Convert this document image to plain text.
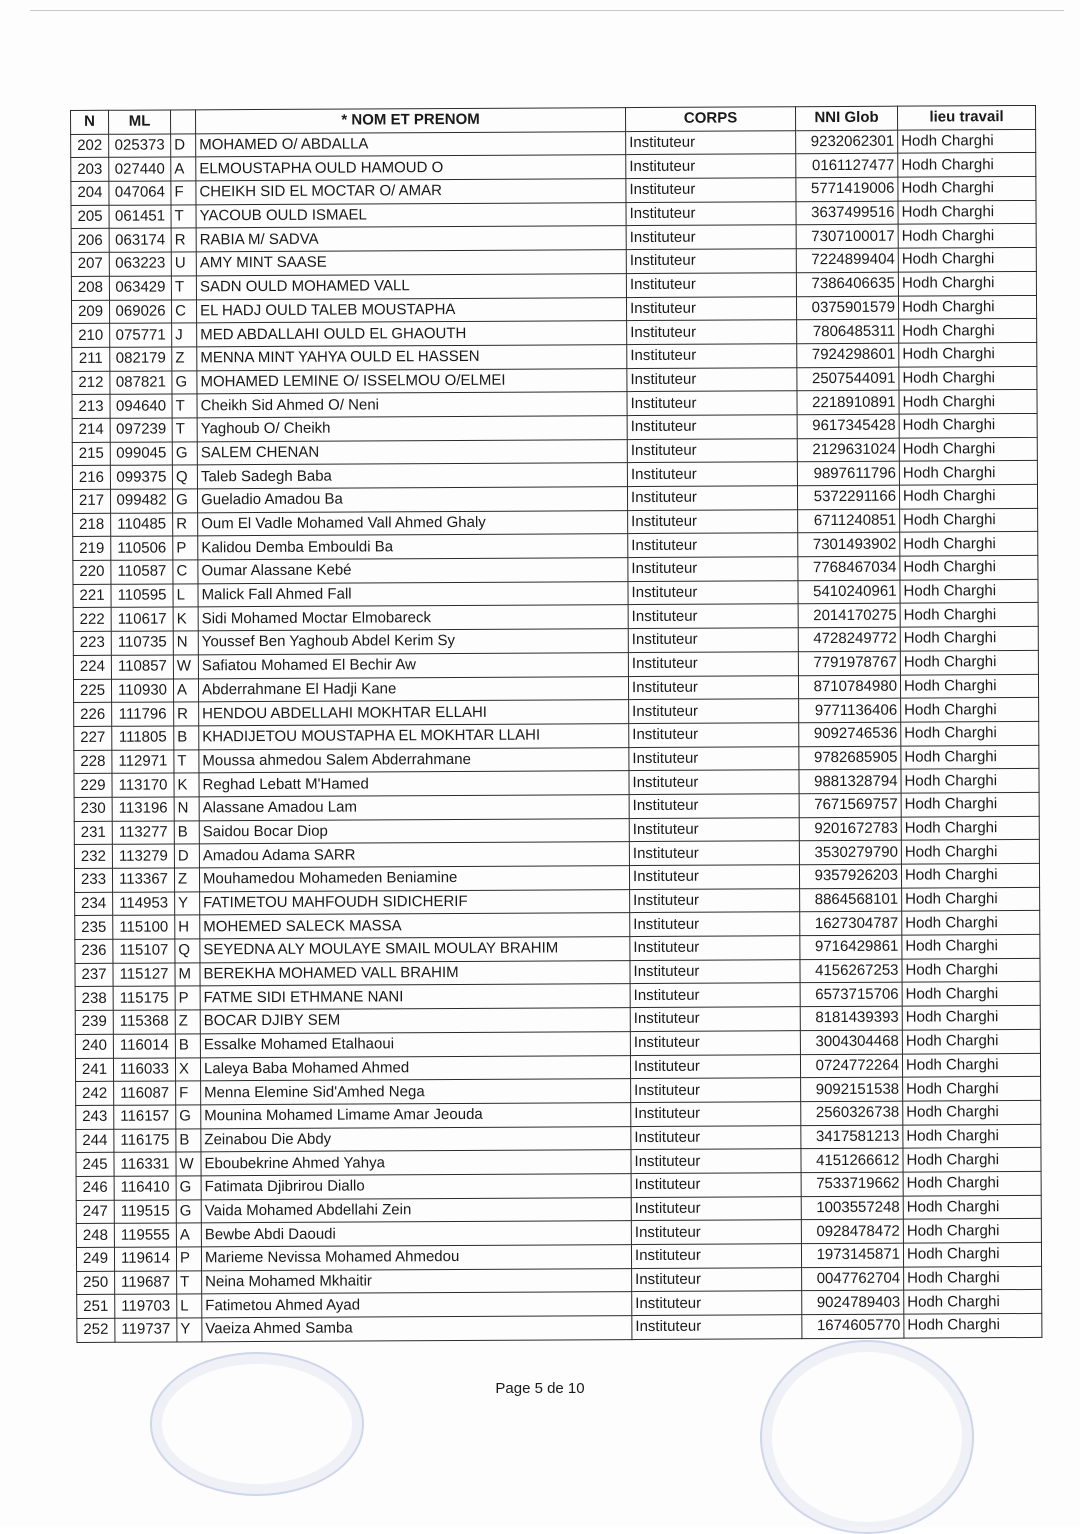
N	ML		* NOM ET PRENOM	CORPS	NNI Glob	lieu travail
202	025373	D	MOHAMED O/ ABDALLA	Instituteur	9232062301	Hodh Charghi
203	027440	A	ELMOUSTAPHA OULD HAMOUD O	Instituteur	0161127477	Hodh Charghi
204	047064	F	CHEIKH SID EL MOCTAR O/ AMAR	Instituteur	5771419006	Hodh Charghi
205	061451	T	YACOUB OULD ISMAEL	Instituteur	3637499516	Hodh Charghi
206	063174	R	RABIA M/ SADVA	Instituteur	7307100017	Hodh Charghi
207	063223	U	AMY MINT SAASE	Instituteur	7224899404	Hodh Charghi
208	063429	T	SADN OULD MOHAMED VALL	Instituteur	7386406635	Hodh Charghi
209	069026	C	EL HADJ OULD TALEB MOUSTAPHA	Instituteur	0375901579	Hodh Charghi
210	075771	J	MED ABDALLAHI OULD EL GHAOUTH	Instituteur	7806485311	Hodh Charghi
211	082179	Z	MENNA MINT YAHYA OULD EL HASSEN	Instituteur	7924298601	Hodh Charghi
212	087821	G	MOHAMED LEMINE O/ ISSELMOU O/ELMEI	Instituteur	2507544091	Hodh Charghi
213	094640	T	Cheikh Sid Ahmed O/ Neni	Instituteur	2218910891	Hodh Charghi
214	097239	T	Yaghoub O/ Cheikh	Instituteur	9617345428	Hodh Charghi
215	099045	G	SALEM CHENAN	Instituteur	2129631024	Hodh Charghi
216	099375	Q	Taleb Sadegh Baba	Instituteur	9897611796	Hodh Charghi
217	099482	G	Gueladio Amadou Ba	Instituteur	5372291166	Hodh Charghi
218	110485	R	Oum El Vadle Mohamed Vall Ahmed Ghaly	Instituteur	6711240851	Hodh Charghi
219	110506	P	Kalidou Demba Embouldi Ba	Instituteur	7301493902	Hodh Charghi
220	110587	C	Oumar Alassane Kebé	Instituteur	7768467034	Hodh Charghi
221	110595	L	Malick Fall Ahmed Fall	Instituteur	5410240961	Hodh Charghi
222	110617	K	Sidi Mohamed Moctar Elmobareck	Instituteur	2014170275	Hodh Charghi
223	110735	N	Youssef Ben Yaghoub Abdel Kerim Sy	Instituteur	4728249772	Hodh Charghi
224	110857	W	Safiatou Mohamed El Bechir Aw	Instituteur	7791978767	Hodh Charghi
225	110930	A	Abderrahmane El Hadji Kane	Instituteur	8710784980	Hodh Charghi
226	111796	R	HENDOU ABDELLAHI MOKHTAR ELLAHI	Instituteur	9771136406	Hodh Charghi
227	111805	B	KHADIJETOU MOUSTAPHA EL MOKHTAR LLAHI	Instituteur	9092746536	Hodh Charghi
228	112971	T	Moussa ahmedou Salem Abderrahmane	Instituteur	9782685905	Hodh Charghi
229	113170	K	Reghad Lebatt M'Hamed	Instituteur	9881328794	Hodh Charghi
230	113196	N	Alassane Amadou Lam	Instituteur	7671569757	Hodh Charghi
231	113277	B	Saidou Bocar Diop	Instituteur	9201672783	Hodh Charghi
232	113279	D	Amadou Adama SARR	Instituteur	3530279790	Hodh Charghi
233	113367	Z	Mouhamedou Mohameden Beniamine	Instituteur	9357926203	Hodh Charghi
234	114953	Y	FATIMETOU MAHFOUDH SIDICHERIF	Instituteur	8864568101	Hodh Charghi
235	115100	H	MOHEMED SALECK MASSA	Instituteur	1627304787	Hodh Charghi
236	115107	Q	SEYEDNA ALY MOULAYE SMAIL MOULAY BRAHIM	Instituteur	9716429861	Hodh Charghi
237	115127	M	BEREKHA MOHAMED VALL BRAHIM	Instituteur	4156267253	Hodh Charghi
238	115175	P	FATME SIDI ETHMANE NANI	Instituteur	6573715706	Hodh Charghi
239	115368	Z	BOCAR DJIBY SEM	Instituteur	8181439393	Hodh Charghi
240	116014	B	Essalke Mohamed Etalhaoui	Instituteur	3004304468	Hodh Charghi
241	116033	X	Laleya Baba Mohamed Ahmed	Instituteur	0724772264	Hodh Charghi
242	116087	F	Menna Elemine Sid'Amhed Nega	Instituteur	9092151538	Hodh Charghi
243	116157	G	Mounina Mohamed Limame Amar Jeouda	Instituteur	2560326738	Hodh Charghi
244	116175	B	Zeinabou Die Abdy	Instituteur	3417581213	Hodh Charghi
245	116331	W	Eboubekrine Ahmed Yahya	Instituteur	4151266612	Hodh Charghi
246	116410	G	Fatimata Djibrirou Diallo	Instituteur	7533719662	Hodh Charghi
247	119515	G	Vaida Mohamed Abdellahi Zein	Instituteur	1003557248	Hodh Charghi
248	119555	A	Bewbe Abdi Daoudi	Instituteur	0928478472	Hodh Charghi
249	119614	P	Marieme Nevissa Mohamed Ahmedou	Instituteur	1973145871	Hodh Charghi
250	119687	T	Neina Mohamed Mkhaitir	Instituteur	0047762704	Hodh Charghi
251	119703	L	Fatimetou Ahmed Ayad	Instituteur	9024789403	Hodh Charghi
252	119737	Y	Vaeiza Ahmed Samba	Instituteur	1674605770	Hodh Charghi
Page 5 de 10
